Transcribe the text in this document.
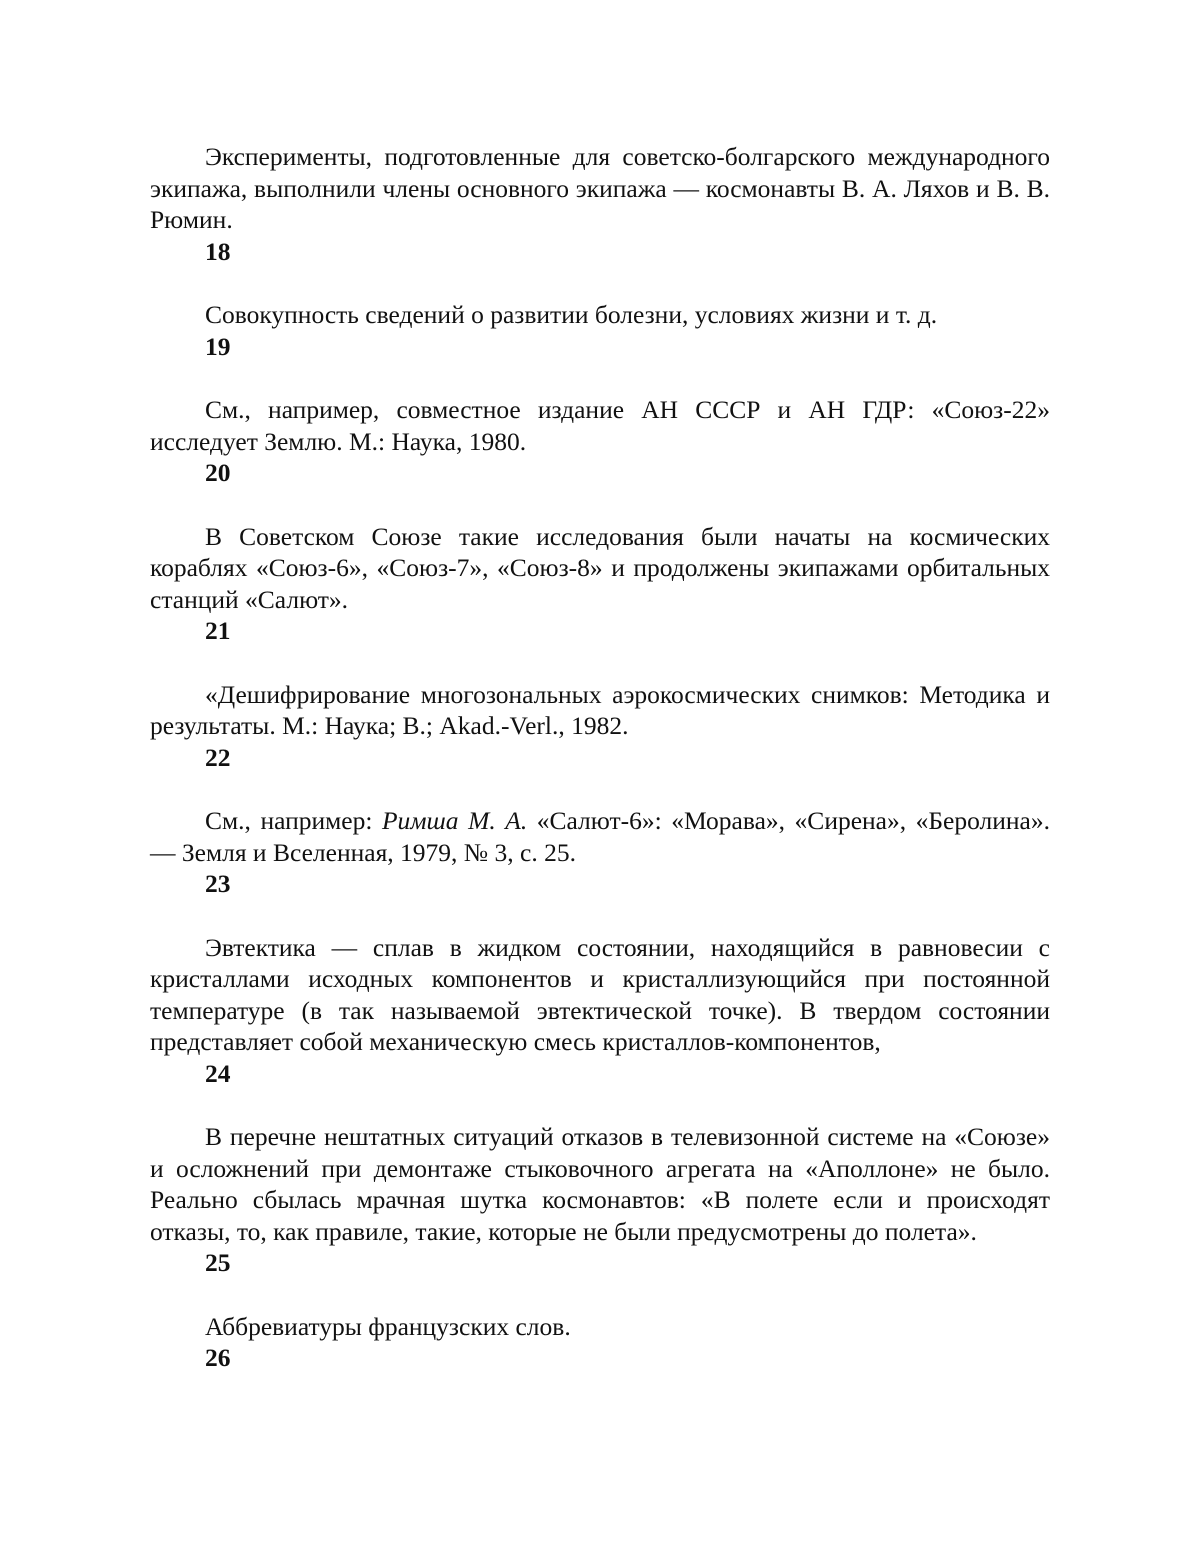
Эксперименты, подготовленные для советско-болгарского международного экипажа, выполнили члены основного экипажа — космонавты В. А. Ляхов и В. В. Рюмин.

18

Совокупность сведений о развитии болезни, условиях жизни и т. д.

19

См., например, совместное издание АН СССР и АН ГДР: «Союз-22» исследует Землю. М.: Наука, 1980.

20

В Советском Союзе такие исследования были начаты на космических кораблях «Союз-6», «Союз-7», «Союз-8» и продолжены экипажами орбитальных станций «Салют».

21

«Дешифрирование многозональных аэрокосмических снимков: Методика и результаты. М.: Наука; В.; Akad.-Verl., 1982.

22

См., например: Римша М. А. «Салют-6»: «Морава», «Сирена», «Беролина». — Земля и Вселенная, 1979, № 3, с. 25.

23

Эвтектика — сплав в жидком состоянии, находящийся в равновесии с кристаллами исходных компонентов и кристаллизующийся при постоянной температуре (в так называемой эвтектической точке). В твердом состоянии представляет собой механическую смесь кристаллов-компонентов,

24

В перечне нештатных ситуаций отказов в телевизонной системе на «Союзе» и осложнений при демонтаже стыковочного агрегата на «Аполлоне» не было. Реально сбылась мрачная шутка космонавтов: «В полете если и происходят отказы, то, как правиле, такие, которые не были предусмотрены до полета».

25

Аббревиатуры французских слов.

26
